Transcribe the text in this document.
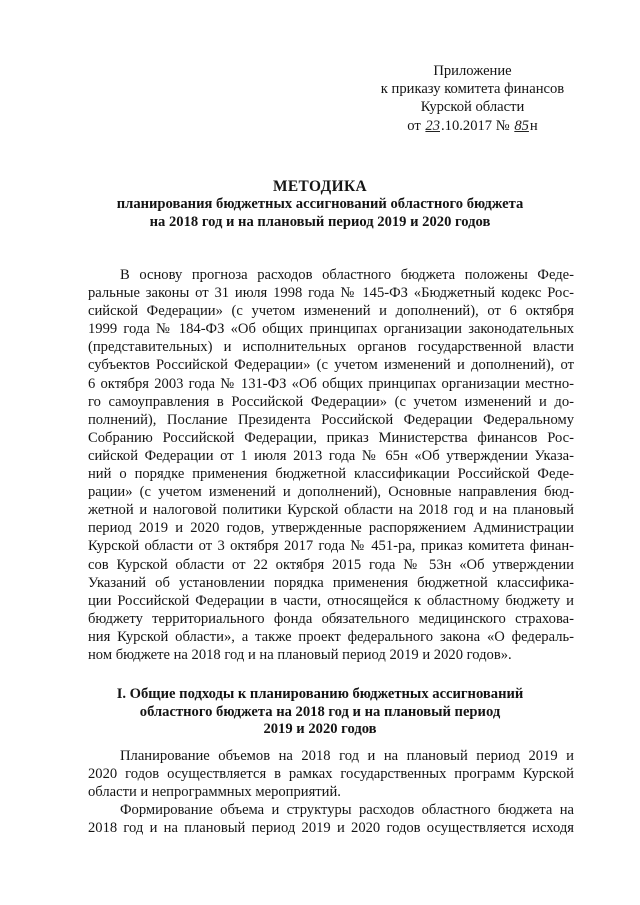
Приложение
к приказу комитета финансов
Курской области
от 23.10.2017 № 85н
МЕТОДИКА
планирования бюджетных ассигнований областного бюджета
на 2018 год и на плановый период 2019 и 2020 годов
В основу прогноза расходов областного бюджета положены Феде-
ральные законы от 31 июля 1998 года № 145-ФЗ «Бюджетный кодекс Рос-
сийской Федерации» (с учетом изменений и дополнений), от 6 октября
1999 года № 184-ФЗ «Об общих принципах организации законодательных
(представительных) и исполнительных органов государственной власти
субъектов Российской Федерации» (с учетом изменений и дополнений), от
6 октября 2003 года № 131-ФЗ «Об общих принципах организации местно-
го самоуправления в Российской Федерации» (с учетом изменений и до-
полнений), Послание Президента Российской Федерации Федеральному
Собранию Российской Федерации, приказ Министерства финансов Рос-
сийской Федерации от 1 июля 2013 года № 65н «Об утверждении Указа-
ний о порядке применения бюджетной классификации Российской Феде-
рации» (с учетом изменений и дополнений), Основные направления бюд-
жетной и налоговой политики Курской области на 2018 год и на плановый
период 2019 и 2020 годов, утвержденные распоряжением Администрации
Курской области от 3 октября 2017 года № 451-ра, приказ комитета финан-
сов Курской области от 22 октября 2015 года № 53н «Об утверждении
Указаний об установлении порядка применения бюджетной классифика-
ции Российской Федерации в части, относящейся к областному бюджету и
бюджету территориального фонда обязательного медицинского страхова-
ния Курской области», а также проект федерального закона «О федераль-
ном бюджете на 2018 год и на плановый период 2019 и 2020 годов».
I. Общие подходы к планированию бюджетных ассигнований
областного бюджета на 2018 год и на плановый период
2019 и 2020 годов
Планирование объемов на 2018 год и на плановый период 2019 и
2020 годов осуществляется в рамках государственных программ Курской
области и непрограммных мероприятий.
Формирование объема и структуры расходов областного бюджета на
2018 год и на плановый период 2019 и 2020 годов осуществляется исходя
